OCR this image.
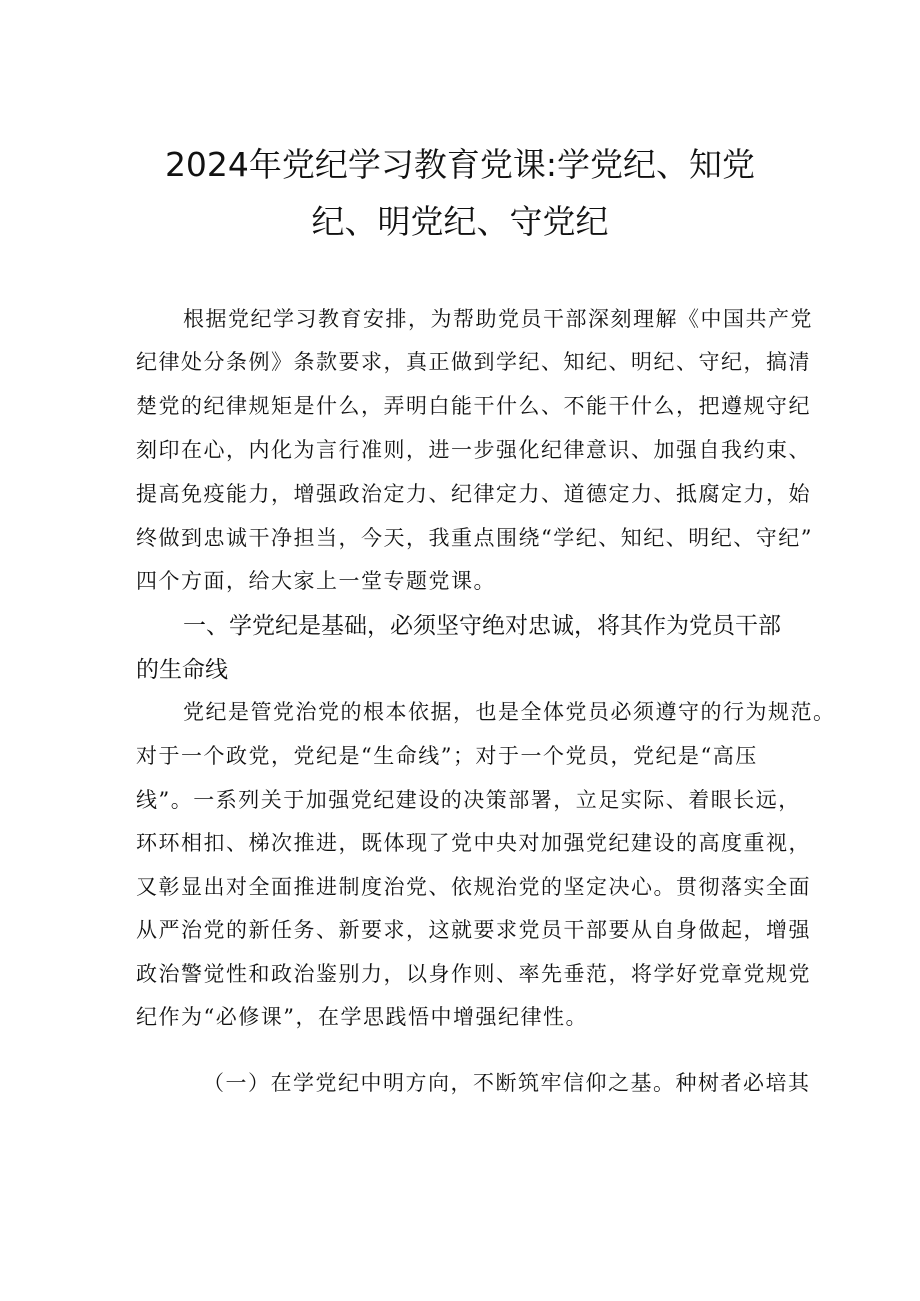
2024年党纪学习教育党课:学党纪、知党
纪、明党纪、守党纪

根据党纪学习教育安排，为帮助党员干部深刻理解《中国共产党

纪律处分条例》条款要求，真正做到学纪、知纪、明纪、守纪，搞清

楚党的纪律规矩是什么，弄明白能干什么、不能干什么，把遵规守纪

刻印在心，内化为言行准则，进一步强化纪律意识、加强自我约束、

提高免疫能力，增强政治定力、纪律定力、道德定力、抵腐定力，始

终做到忠诚干净担当，今天，我重点围绕“学纪、知纪、明纪、守纪”

四个方面，给大家上一堂专题党课。

一、学党纪是基础，必须坚守绝对忠诚，将其作为党员干部

的生命线

党纪是管党治党的根本依据，也是全体党员必须遵守的行为规范。

对于一个政党，党纪是“生命线”；对于一个党员，党纪是“高压

线”。一系列关于加强党纪建设的决策部署，立足实际、着眼长远，

环环相扣、梯次推进，既体现了党中央对加强党纪建设的高度重视，

又彰显出对全面推进制度治党、依规治党的坚定决心。贯彻落实全面

从严治党的新任务、新要求，这就要求党员干部要从自身做起，增强

政治警觉性和政治鉴别力，以身作则、率先垂范，将学好党章党规党

纪作为“必修课”，在学思践悟中增强纪律性。

（一）在学党纪中明方向，不断筑牢信仰之基。种树者必培其
